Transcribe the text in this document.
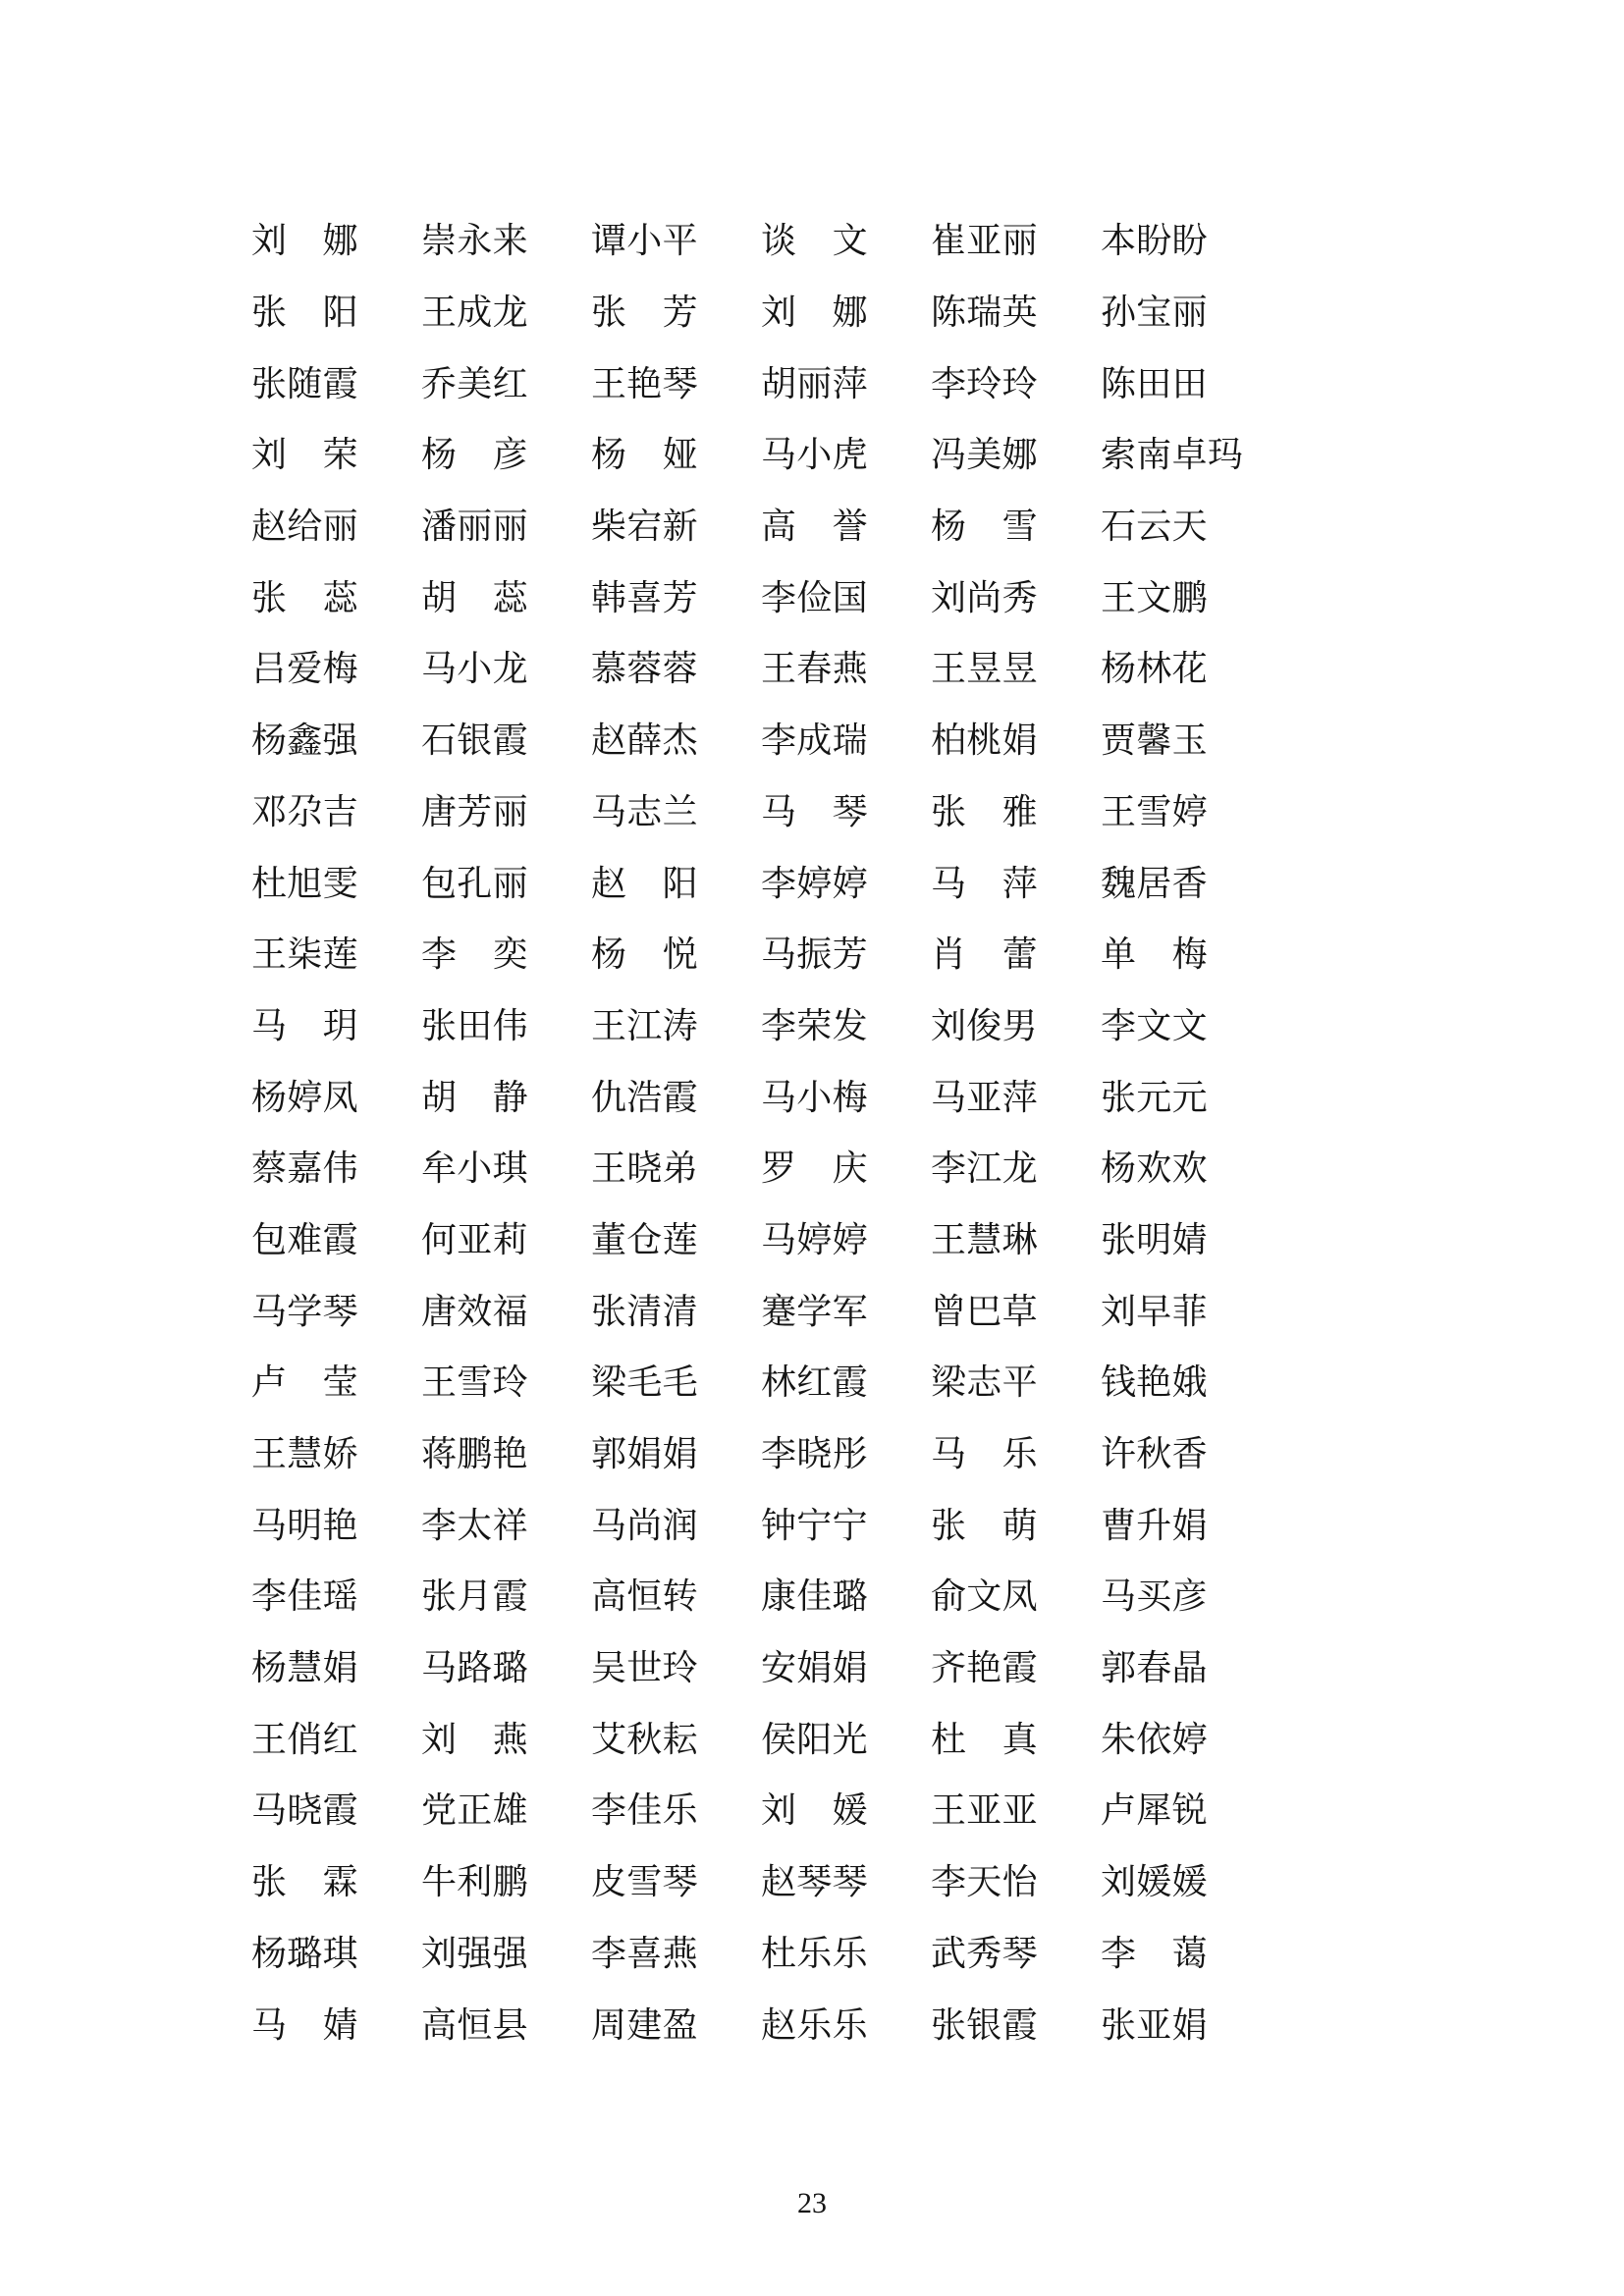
刘　娜 崇永来 谭小平 谈　文 崔亚丽 本盼盼
张　阳 王成龙 张　芳 刘　娜 陈瑞英 孙宝丽
张随霞 乔美红 王艳琴 胡丽萍 李玲玲 陈田田
刘　荣 杨　彦 杨　娅 马小虎 冯美娜 索南卓玛
赵给丽 潘丽丽 柴宕新 高　誉 杨　雪 石云天
张　蕊 胡　蕊 韩喜芳 李俭国 刘尚秀 王文鹏
吕爱梅 马小龙 慕蓉蓉 王春燕 王昱昱 杨林花
杨鑫强 石银霞 赵薛杰 李成瑞 柏桃娟 贾馨玉
邓尕吉 唐芳丽 马志兰 马　琴 张　雅 王雪婷
杜旭雯 包孔丽 赵　阳 李婷婷 马　萍 魏居香
王柒莲 李　奕 杨　悦 马振芳 肖　蕾 单　梅
马　玥 张田伟 王江涛 李荣发 刘俊男 李文文
杨婷凤 胡　静 仇浩霞 马小梅 马亚萍 张元元
蔡嘉伟 牟小琪 王晓弟 罗　庆 李江龙 杨欢欢
包难霞 何亚莉 董仓莲 马婷婷 王慧琳 张明婧
马学琴 唐效福 张清清 蹇学军 曾巴草 刘早菲
卢　莹 王雪玲 梁毛毛 林红霞 梁志平 钱艳娥
王慧娇 蒋鹏艳 郭娟娟 李晓彤 马　乐 许秋香
马明艳 李太祥 马尚润 钟宁宁 张　萌 曹升娟
李佳瑶 张月霞 高恒转 康佳璐 俞文凤 马买彦
杨慧娟 马路璐 吴世玲 安娟娟 齐艳霞 郭春晶
王俏红 刘　燕 艾秋耘 侯阳光 杜　真 朱依婷
马晓霞 党正雄 李佳乐 刘　媛 王亚亚 卢犀锐
张　霖 牛利鹏 皮雪琴 赵琴琴 李天怡 刘媛媛
杨璐琪 刘强强 李喜燕 杜乐乐 武秀琴 李　蔼
马　婧 高恒县 周建盈 赵乐乐 张银霞 张亚娟
23
